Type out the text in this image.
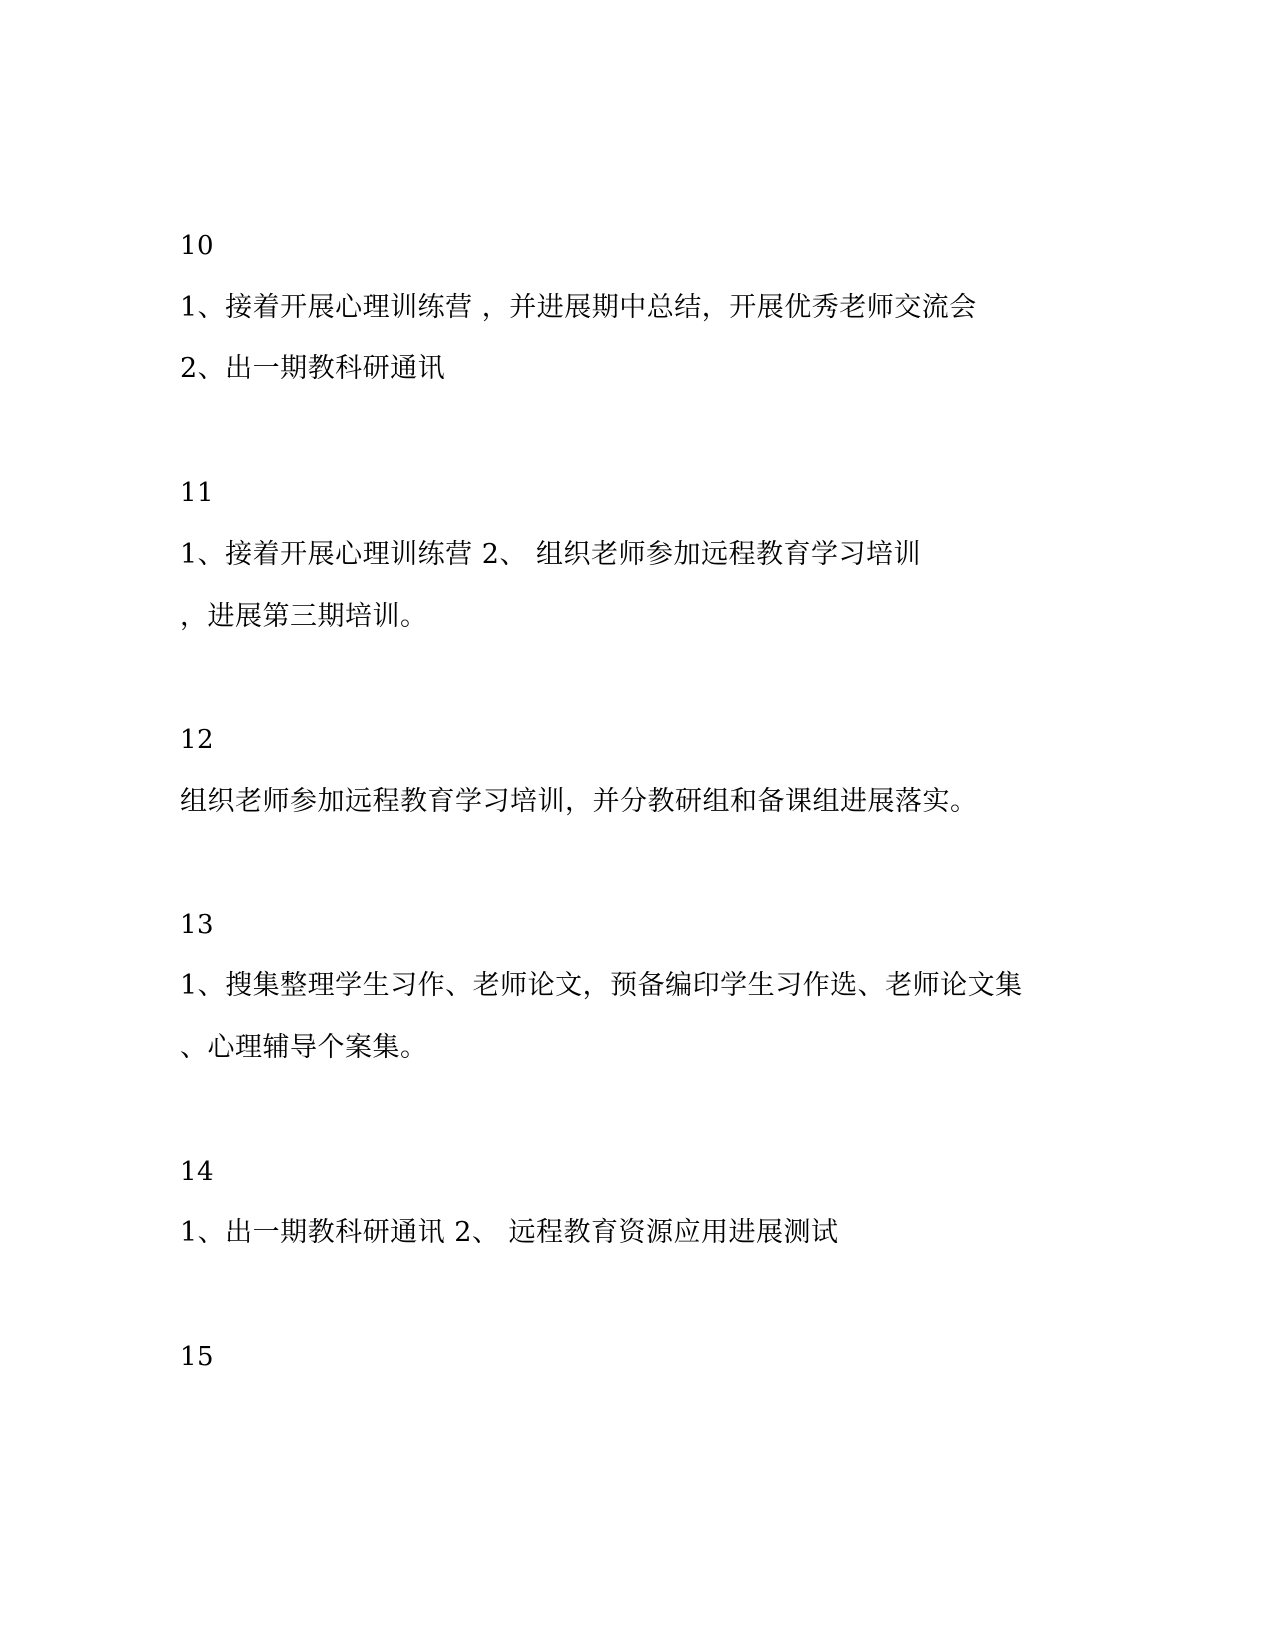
10
1、接着开展心理训练营 ，并进展期中总结，开展优秀老师交流会
2、出一期教科研通讯
11
1、接着开展心理训练营 2、 组织老师参加远程教育学习培训
，进展第三期培训。
12
组织老师参加远程教育学习培训，并分教研组和备课组进展落实。
13
1、搜集整理学生习作、老师论文，预备编印学生习作选、老师论文集
、心理辅导个案集。
14
1、出一期教科研通讯 2、 远程教育资源应用进展测试
15
